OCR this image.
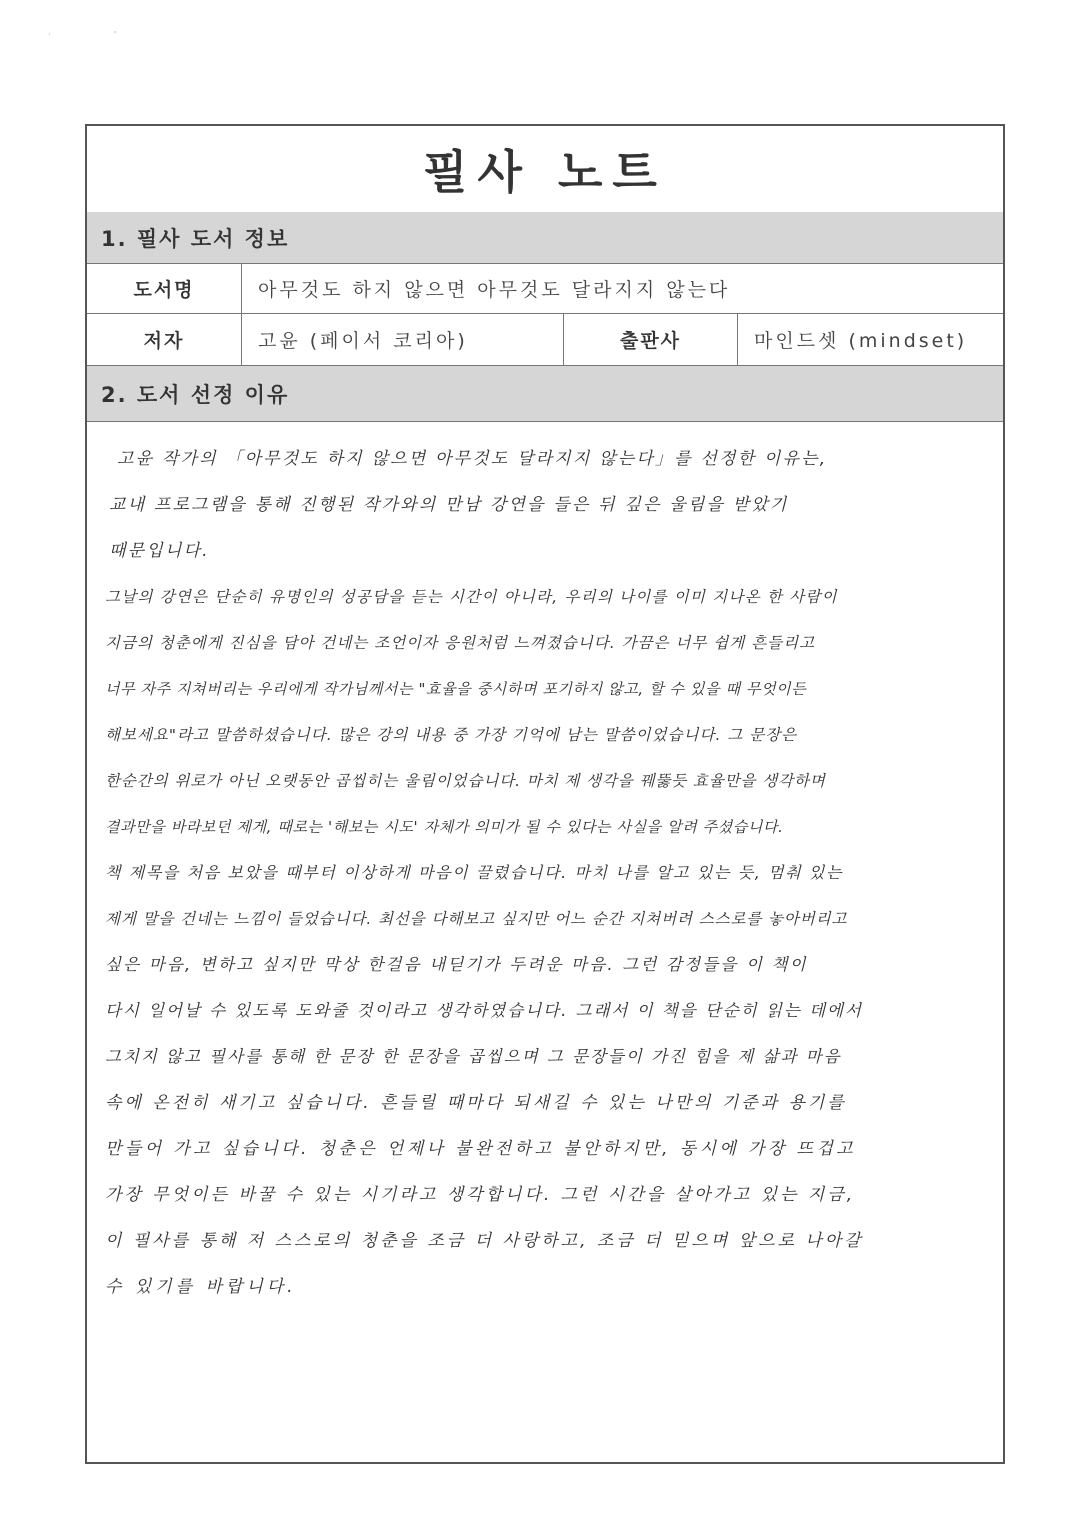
·	'
필사 노트
1. 필사 도서 정보
도서명	아무것도 하지 않으면 아무것도 달라지지 않는다
저자	고윤 (페이서 코리아)	출판사	마인드셋 (mindset)
2. 도서 선정 이유
고윤 작가의 「아무것도 하지 않으면 아무것도 달라지지 않는다」를 선정한 이유는,
교내 프로그램을 통해 진행된 작가와의 만남 강연을 들은 뒤 깊은 울림을 받았기
때문입니다.
그날의 강연은 단순히 유명인의 성공담을 듣는 시간이 아니라, 우리의 나이를 이미 지나온 한 사람이
지금의 청춘에게 진심을 담아 건네는 조언이자 응원처럼 느껴졌습니다. 가끔은 너무 쉽게 흔들리고
너무 자주 지쳐버리는 우리에게 작가님께서는 "효율을 중시하며 포기하지 않고, 할 수 있을 때 무엇이든
해보세요"라고 말씀하셨습니다. 많은 강의 내용 중 가장 기억에 남는 말씀이었습니다. 그 문장은
한순간의 위로가 아닌 오랫동안 곱씹히는 울림이었습니다. 마치 제 생각을 꿰뚫듯 효율만을 생각하며
결과만을 바라보던 제게, 때로는 '해보는 시도' 자체가 의미가 될 수 있다는 사실을 알려 주셨습니다.
책 제목을 처음 보았을 때부터 이상하게 마음이 끌렸습니다. 마치 나를 알고 있는 듯, 멈춰 있는
제게 말을 건네는 느낌이 들었습니다. 최선을 다해보고 싶지만 어느 순간 지쳐버려 스스로를 놓아버리고
싶은 마음, 변하고 싶지만 막상 한걸음 내딛기가 두려운 마음. 그런 감정들을 이 책이
다시 일어날 수 있도록 도와줄 것이라고 생각하였습니다. 그래서 이 책을 단순히 읽는 데에서
그치지 않고 필사를 통해 한 문장 한 문장을 곱씹으며 그 문장들이 가진 힘을 제 삶과 마음
속에 온전히 새기고 싶습니다. 흔들릴 때마다 되새길 수 있는 나만의 기준과 용기를
만들어 가고 싶습니다. 청춘은 언제나 불완전하고 불안하지만, 동시에 가장 뜨겁고
가장 무엇이든 바꿀 수 있는 시기라고 생각합니다. 그런 시간을 살아가고 있는 지금,
이 필사를 통해 저 스스로의 청춘을 조금 더 사랑하고, 조금 더 믿으며 앞으로 나아갈
수 있기를 바랍니다.
